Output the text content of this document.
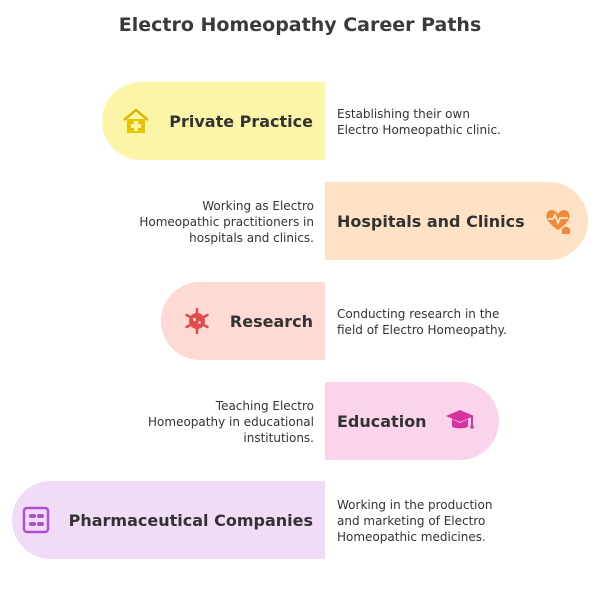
Electro Homeopathy Career Paths
Private Practice Establishing their own
Electro Homeopathic clinic.
Hospitals and Clinics
Working as Electro
Homeopathic practitioners in
hospitals and clinics.
Research Conducting research in the
field of Electro Homeopathy.
Education
Teaching Electro
Homeopathy in educational
institutions.
Pharmaceutical Companies
Working in the production
and marketing of Electro
Homeopathic medicines.
